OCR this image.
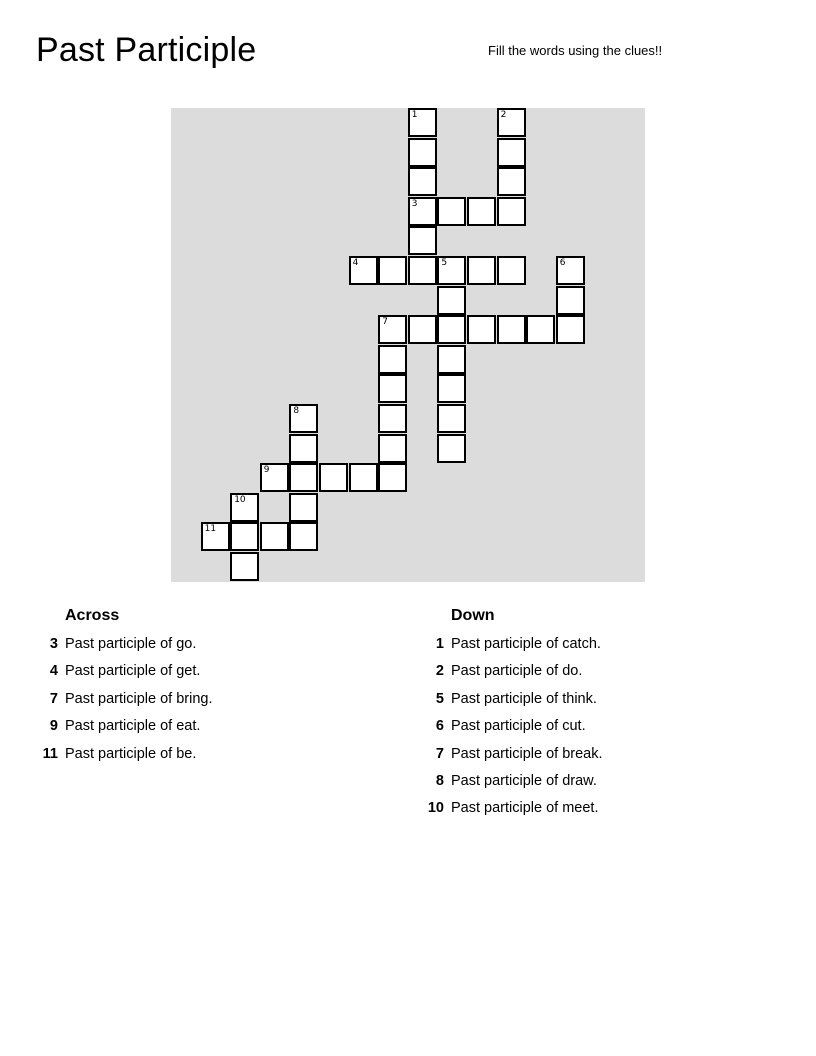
Past Participle	Fill the words using the clues!!
1	2
3
4	5	6
7
8
9
10
11
Across	Down
3 Past participle of go.
4 Past participle of get.
7 Past participle of bring.
9 Past participle of eat.
11 Past participle of be.
1 Past participle of catch.
2 Past participle of do.
5 Past participle of think.
6 Past participle of cut.
7 Past participle of break.
8 Past participle of draw.
10 Past participle of meet.
